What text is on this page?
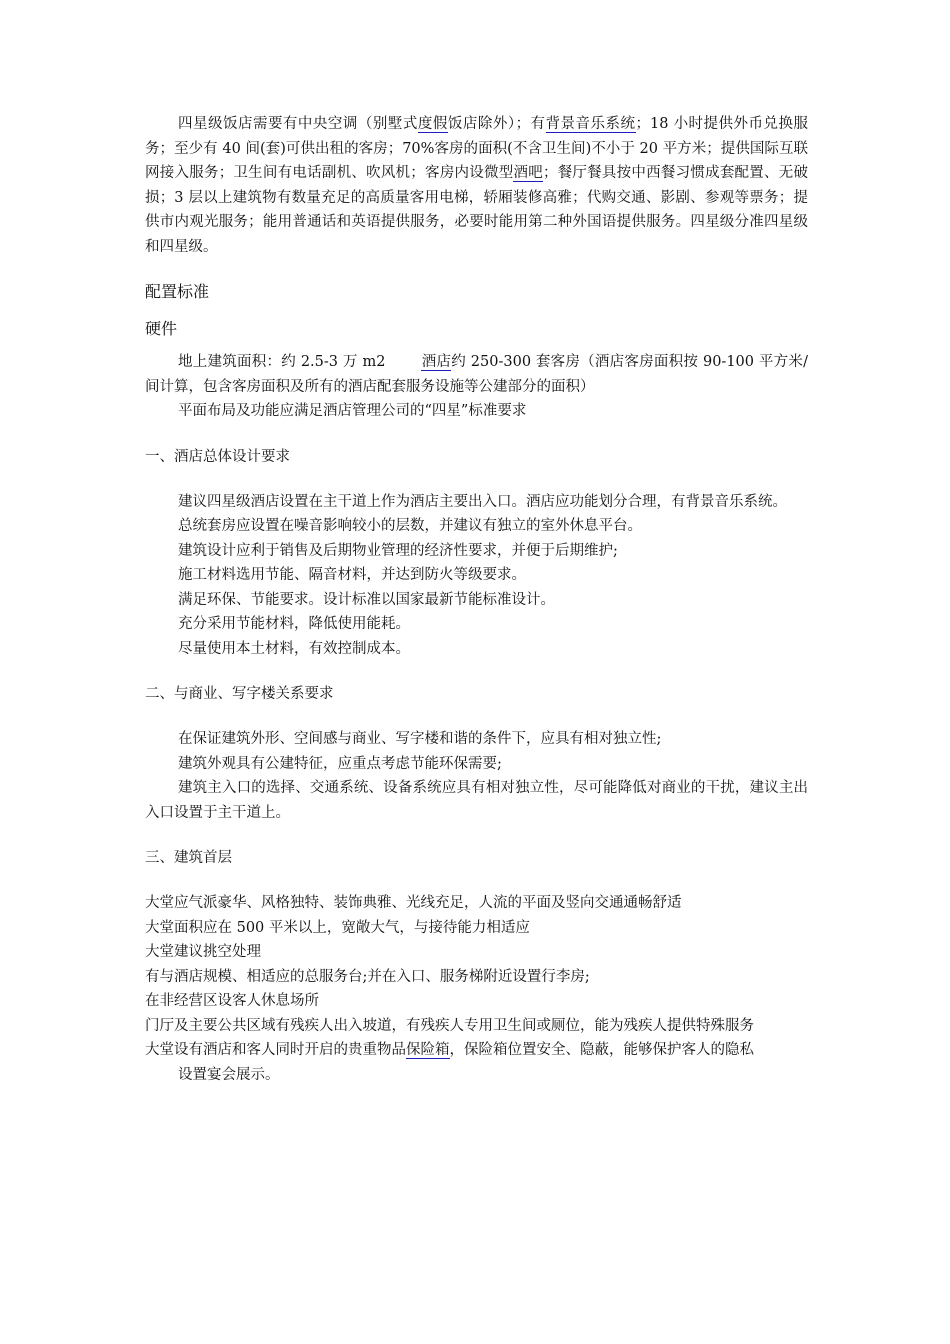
四星级饭店需要有中央空调（别墅式度假饭店除外）；有背景音乐系统；18 小时提供外币兑换服务；至少有 40 间(套)可供出租的客房；70%客房的面积(不含卫生间)不小于 20 平方米；提供国际互联网接入服务；卫生间有电话副机、吹风机；客房内设微型酒吧；餐厅餐具按中西餐习惯成套配置、无破损；3 层以上建筑物有数量充足的高质量客用电梯，轿厢装修高雅；代购交通、影剧、参观等票务；提供市内观光服务；能用普通话和英语提供服务，必要时能用第二种外国语提供服务。四星级分准四星级和四星级。

配置标准
硬件

地上建筑面积：约 2.5-3 万 m2 酒店约 250-300 套客房（酒店客房面积按 90-100 平方米/间计算，包含客房面积及所有的酒店配套服务设施等公建部分的面积）

平面布局及功能应满足酒店管理公司的“四星”标准要求

一、酒店总体设计要求

建议四星级酒店设置在主干道上作为酒店主要出入口。酒店应功能划分合理，有背景音乐系统。

总统套房应设置在噪音影响较小的层数，并建议有独立的室外休息平台。

建筑设计应利于销售及后期物业管理的经济性要求，并便于后期维护;

施工材料选用节能、隔音材料，并达到防火等级要求。

满足环保、节能要求。设计标准以国家最新节能标准设计。

充分采用节能材料，降低使用能耗。

尽量使用本土材料，有效控制成本。

二、与商业、写字楼关系要求

在保证建筑外形、空间感与商业、写字楼和谐的条件下，应具有相对独立性;

建筑外观具有公建特征，应重点考虑节能环保需要;

建筑主入口的选择、交通系统、设备系统应具有相对独立性，尽可能降低对商业的干扰，建议主出入口设置于主干道上。

三、建筑首层

大堂应气派豪华、风格独特、装饰典雅、光线充足，人流的平面及竖向交通通畅舒适

大堂面积应在 500 平米以上，宽敞大气，与接待能力相适应

大堂建议挑空处理

有与酒店规模、相适应的总服务台;并在入口、服务梯附近设置行李房;

在非经营区设客人休息场所

门厅及主要公共区域有残疾人出入坡道，有残疾人专用卫生间或厕位，能为残疾人提供特殊服务

大堂设有酒店和客人同时开启的贵重物品保险箱，保险箱位置安全、隐蔽，能够保护客人的隐私

设置宴会展示。
